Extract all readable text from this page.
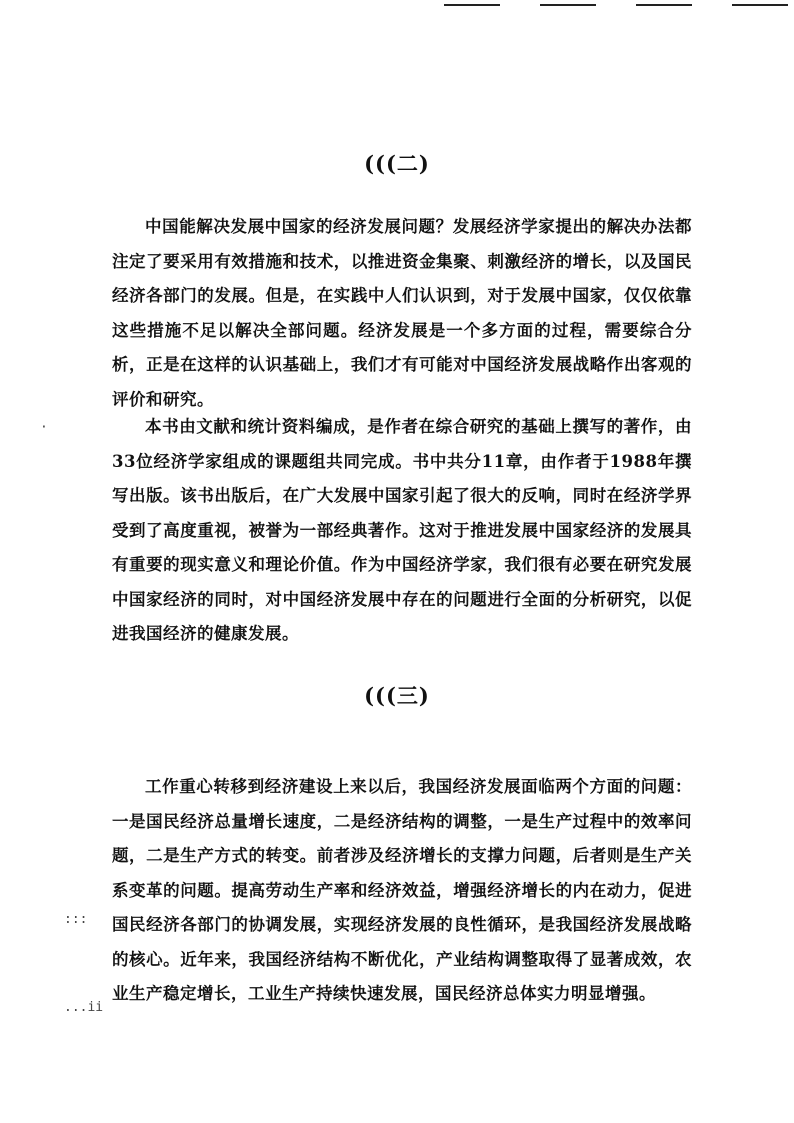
(((二)
中国能解决发展中国家的经济发展问题？发展经济学家提出的解决办法都注定了要采用有效措施和技术，以推进资金集聚、刺激经济的增长，以及国民经济各部门的发展。但是，在实践中人们认识到，对于发展中国家，仅仅依靠这些措施不足以解决全部问题。经济发展是一个多方面的过程，需要综合分析，正是在这样的认识基础上，我们才有可能对中国经济发展战略作出客观的评价和研究。
本书由文献和统计资料编成，是作者在综合研究的基础上撰写的著作，由33位经济学家组成的课题组共同完成。书中共分11章，由作者于1988年撰写出版。该书出版后，在广大发展中国家引起了很大的反响，同时在经济学界受到了高度重视，被誉为一部经典著作。这对于推进发展中国家经济的发展具有重要的现实意义和理论价值。作为中国经济学家，我们很有必要在研究发展中国家经济的同时，对中国经济发展中存在的问题进行全面的分析研究，以促进我国经济的健康发展。
(((三)
工作重心转移到经济建设上来以后，我国经济发展面临两个方面的问题：一是国民经济总量增长速度，二是经济结构的调整，一是生产过程中的效率问题，二是生产方式的转变。前者涉及经济增长的支撑力问题，后者则是生产关系变革的问题。提高劳动生产率和经济效益，增强经济增长的内在动力，促进国民经济各部门的协调发展，实现经济发展的良性循环，是我国经济发展战略的核心。近年来，我国经济结构不断优化，产业结构调整取得了显著成效，农业生产稳定增长，工业生产持续快速发展，国民经济总体实力明显增强。
·
:::
...ii
